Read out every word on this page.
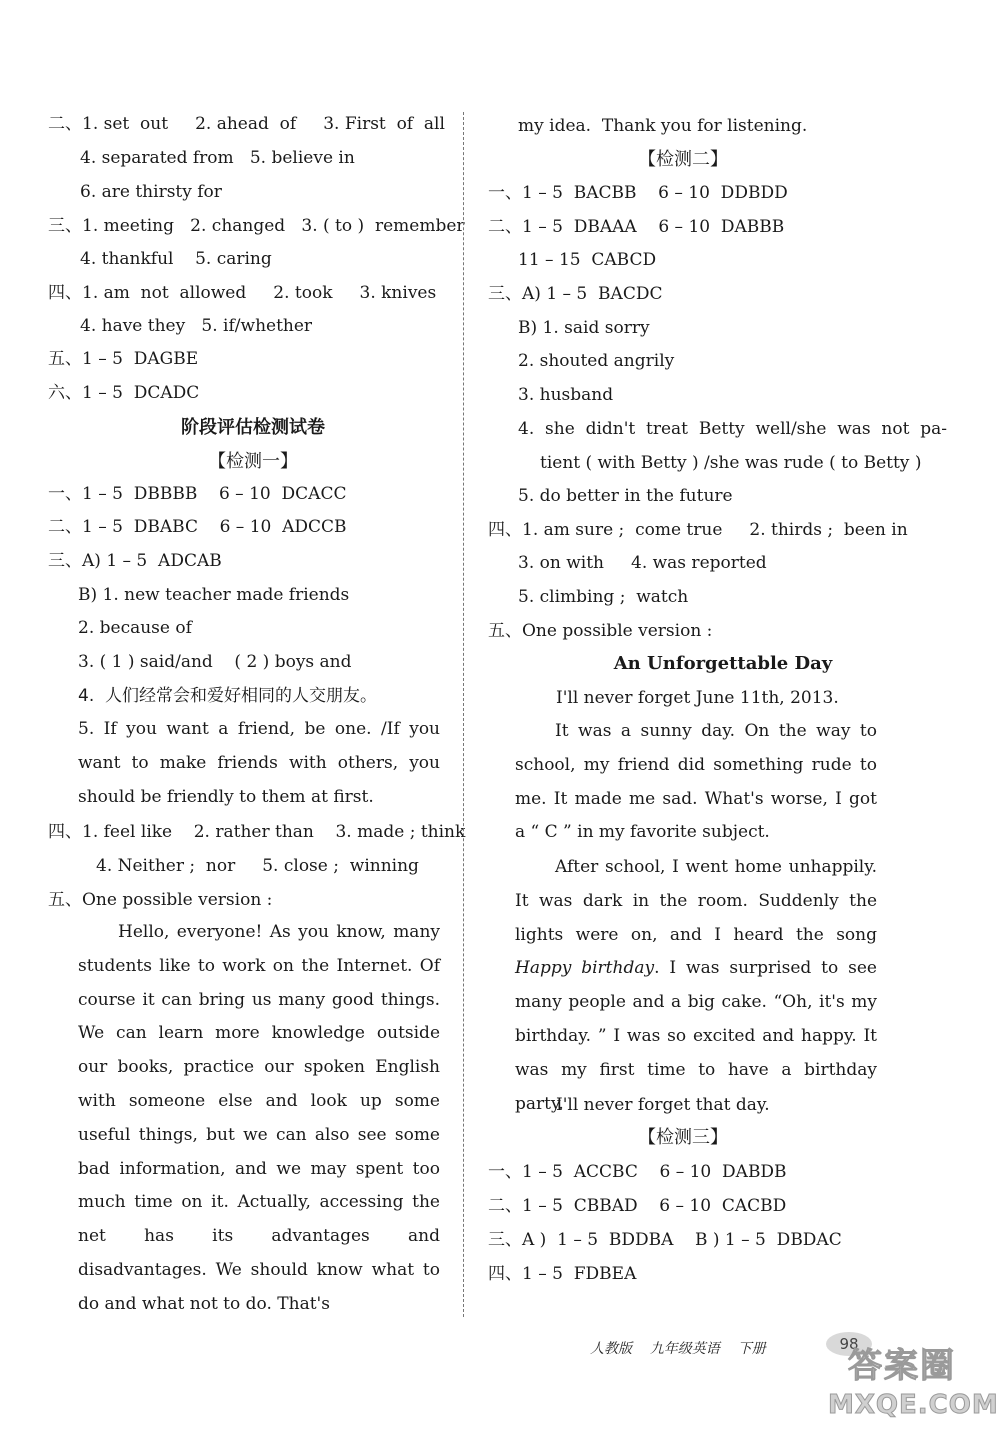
二、1. set  out     2. ahead  of     3. First  of  all
4. separated from   5. believe in
6. are thirsty for
三、1. meeting   2. changed   3. ( to )  remember
4. thankful    5. caring
四、1. am  not  allowed     2. took     3. knives
4. have they   5. if/whether
五、1 – 5  DAGBE
六、1 – 5  DCADC
阶段评估检测试卷
【检测一】
一、1 – 5  DBBBB    6 – 10  DCACC
二、1 – 5  DBABC    6 – 10  ADCCB
三、A) 1 – 5  ADCAB
B) 1. new teacher made friends
2. because of
3. ( 1 ) said/and    ( 2 ) boys and
4.  人们经常会和爱好相同的人交朋友。
5. If you want a friend, be one. /If you want to make friends with others, you should be friendly to them at first.
四、1. feel like    2. rather than    3. made ; think
4. Neither ;  nor     5. close ;  winning
五、One possible version :
Hello, everyone! As you know, many students like to work on the Internet. Of course it can bring us many good things. We can learn more knowledge outside our books, practice our spoken English with someone else and look up some useful things, but we can also see some bad information, and we may spent too much time on it. Actually, accessing the net has its advantages and disadvantages. We should know what to do and what not to do. That's
my idea.  Thank you for listening.
【检测二】
一、1 – 5  BACBB    6 – 10  DDBDD
二、1 – 5  DBAAA    6 – 10  DABBB
11 – 15  CABCD
三、A) 1 – 5  BACDC
B) 1. said sorry
2. shouted angrily
3. husband
4.  she  didn't  treat  Betty  well/she  was  not  pa-
tient ( with Betty ) /she was rude ( to Betty )
5. do better in the future
四、1. am sure ;  come true     2. thirds ;  been in
3. on with     4. was reported
5. climbing ;  watch
五、One possible version :
An Unforgettable Day
I'll never forget June 11th, 2013.
It was a sunny day. On the way to school, my friend did something rude to me. It made me sad. What's worse, I got a “ C ” in my favorite subject.
After school, I went home unhappily. It was dark in the room. Suddenly the lights were on, and I heard the song Happy birthday. I was surprised to see many people and a big cake. “Oh, it's my birthday. ” I was so excited and happy. It was my first time to have a birthday party.
I'll never forget that day.
【检测三】
一、1 – 5  ACCBC    6 – 10  DABDB
二、1 – 5  CBBAD    6 – 10  CACBD
三、A )  1 – 5  BDDBA    B ) 1 – 5  DBDAC
四、1 – 5  FDBEA
人教版    九年级英语    下册	98
答案圈
MXQE.COM
